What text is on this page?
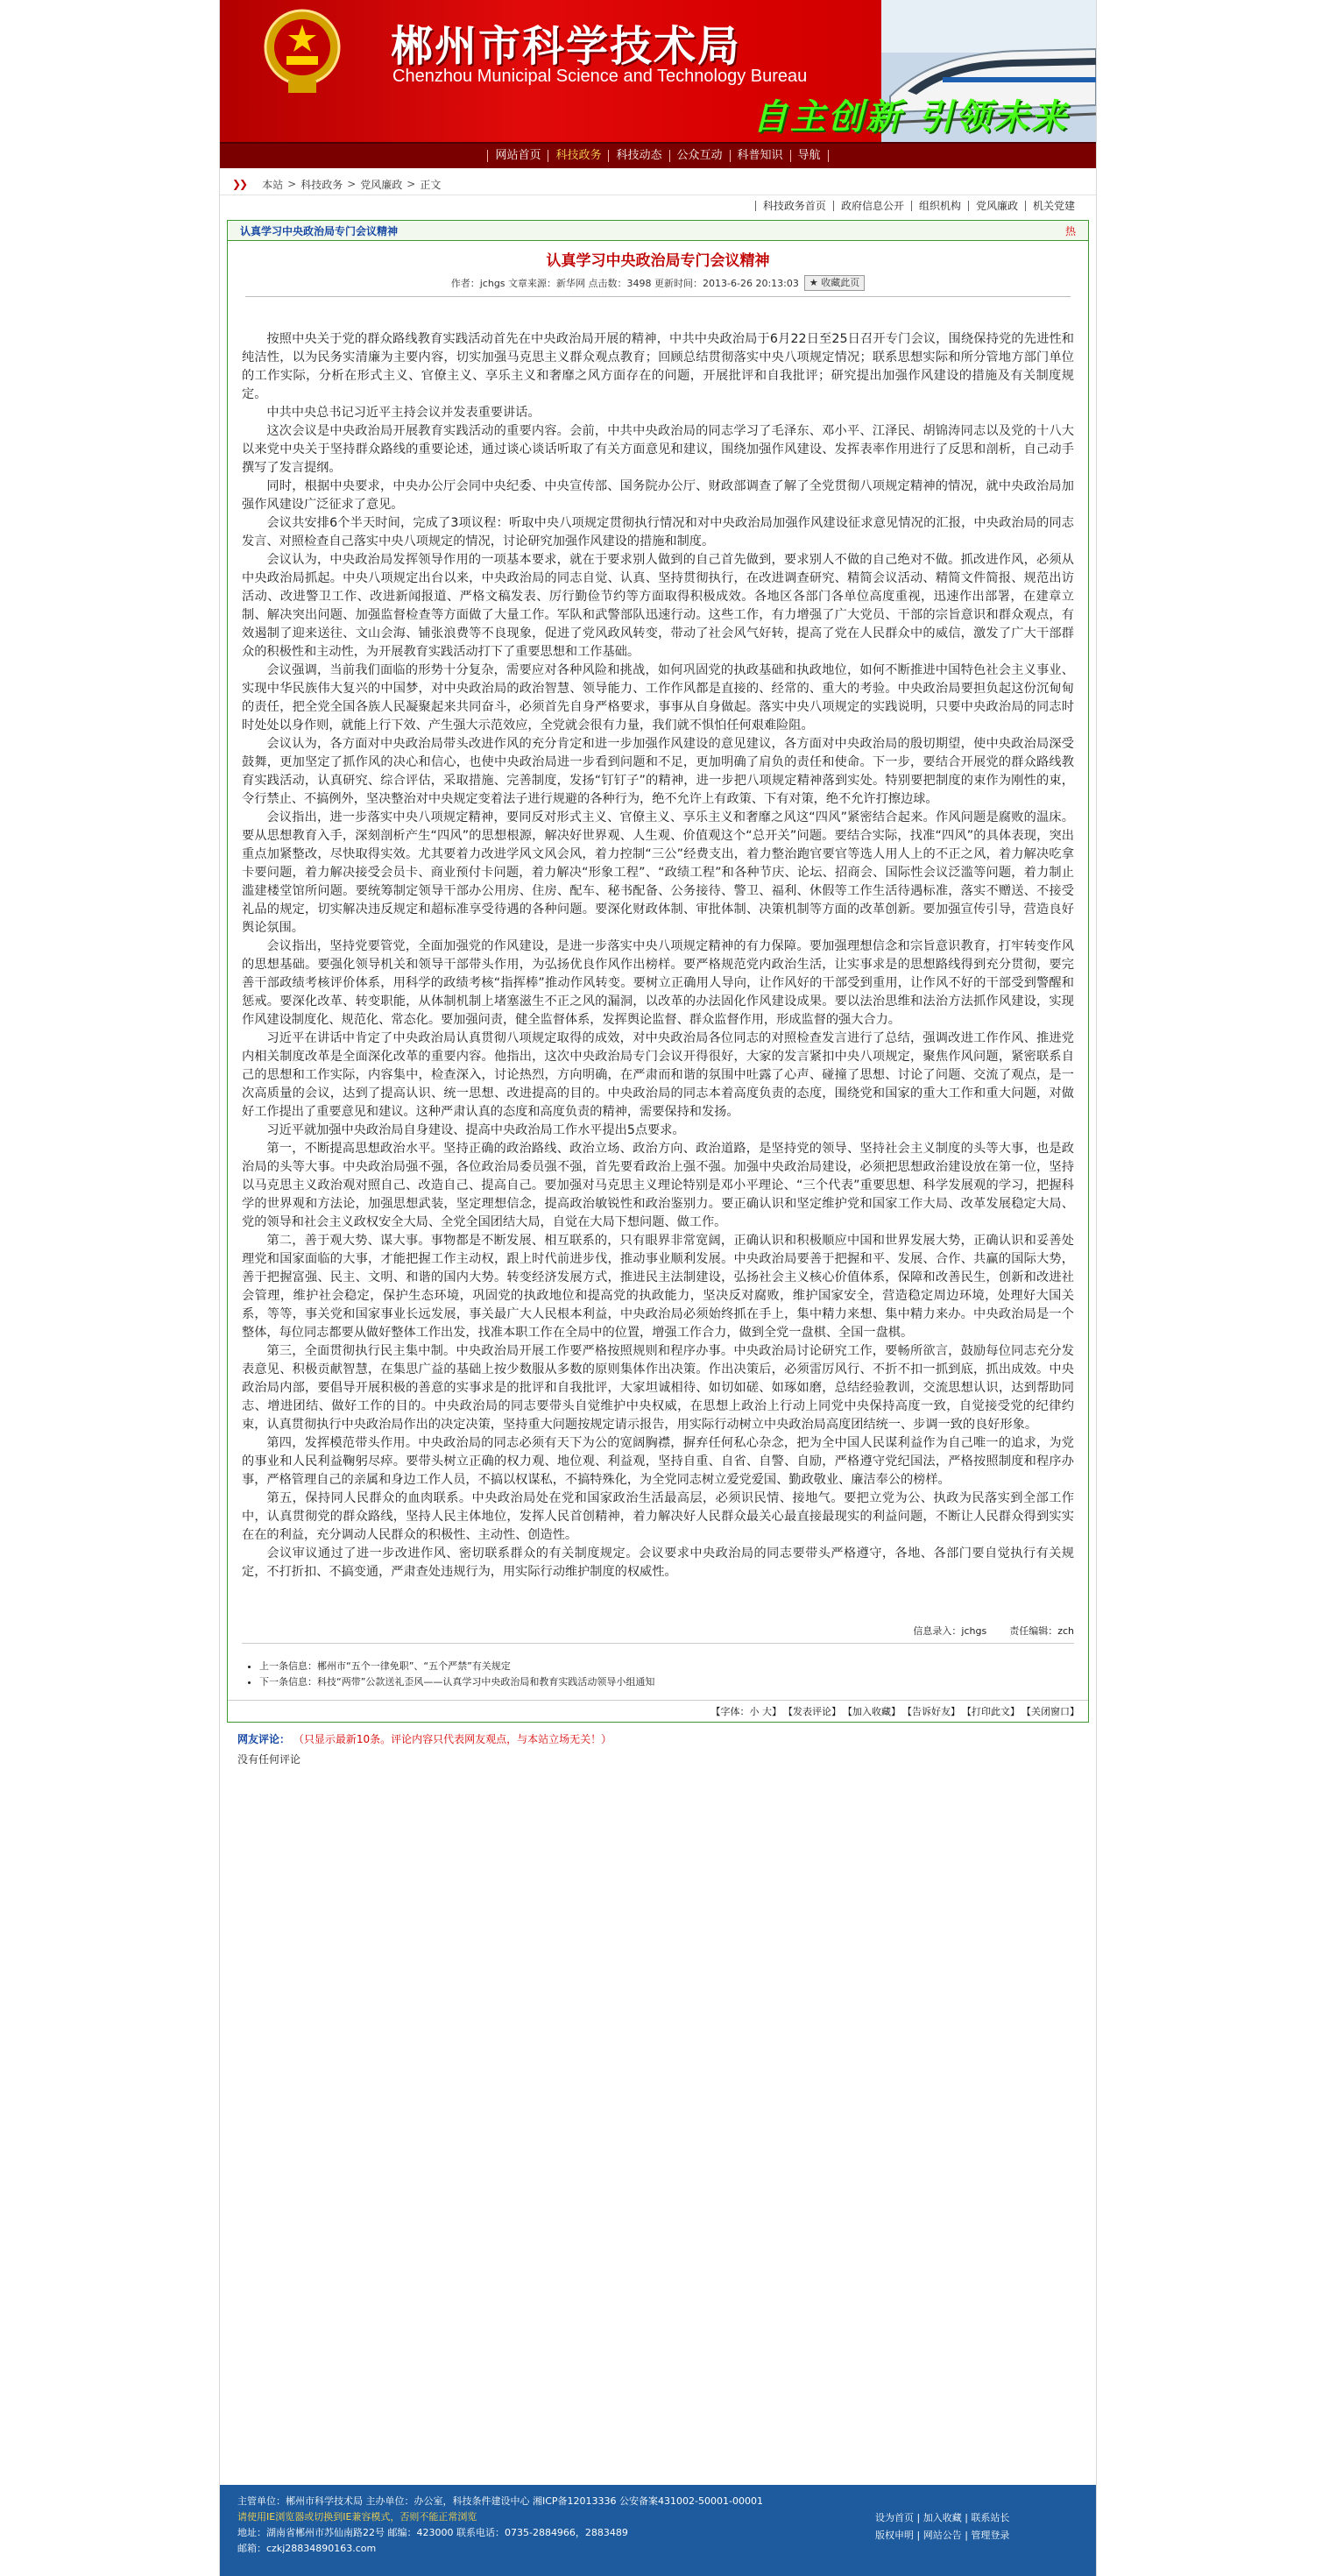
郴州市科学技术局
Chenzhou Municipal Science and Technology Bureau
自主创新 引领未来
网站首页	科技政务	科技动态	公众互动	科普知识	导航
❯❯ 本站 > 科技政务 > 党风廉政 > 正文
科技政务首页	政府信息公开	组织机构	党风廉政	机关党建
认真学习中央政治局专门会议精神	热
认真学习中央政治局专门会议精神
作者：jchgs 文章来源：新华网 点击数：3498 更新时间：2013-6-26 20:13:03	★ 收藏此页

按照中央关于党的群众路线教育实践活动首先在中央政治局开展的精神，中共中央政治局于6月22日至25日召开专门会议，围绕保持党的先进性和纯洁性，以为民务实清廉为主要内容，切实加强马克思主义群众观点教育；回顾总结贯彻落实中央八项规定情况；联系思想实际和所分管地方部门单位的工作实际，分析在形式主义、官僚主义、享乐主义和奢靡之风方面存在的问题，开展批评和自我批评；研究提出加强作风建设的措施及有关制度规定。

中共中央总书记习近平主持会议并发表重要讲话。

这次会议是中央政治局开展教育实践活动的重要内容。会前，中共中央政治局的同志学习了毛泽东、邓小平、江泽民、胡锦涛同志以及党的十八大以来党中央关于坚持群众路线的重要论述，通过谈心谈话听取了有关方面意见和建议，围绕加强作风建设、发挥表率作用进行了反思和剖析，自己动手撰写了发言提纲。

同时，根据中央要求，中央办公厅会同中央纪委、中央宣传部、国务院办公厅、财政部调查了解了全党贯彻八项规定精神的情况，就中央政治局加强作风建设广泛征求了意见。

会议共安排6个半天时间，完成了3项议程：听取中央八项规定贯彻执行情况和对中央政治局加强作风建设征求意见情况的汇报，中央政治局的同志发言、对照检查自己落实中央八项规定的情况，讨论研究加强作风建设的措施和制度。

会议认为，中央政治局发挥领导作用的一项基本要求，就在于要求别人做到的自己首先做到，要求别人不做的自己绝对不做。抓改进作风，必须从中央政治局抓起。中央八项规定出台以来，中央政治局的同志自觉、认真、坚持贯彻执行，在改进调查研究、精简会议活动、精简文件简报、规范出访活动、改进警卫工作、改进新闻报道、严格文稿发表、厉行勤俭节约等方面取得积极成效。各地区各部门各单位高度重视，迅速作出部署，在建章立制、解决突出问题、加强监督检查等方面做了大量工作。军队和武警部队迅速行动。这些工作，有力增强了广大党员、干部的宗旨意识和群众观点，有效遏制了迎来送往、文山会海、铺张浪费等不良现象，促进了党风政风转变，带动了社会风气好转，提高了党在人民群众中的威信，激发了广大干部群众的积极性和主动性，为开展教育实践活动打下了重要思想和工作基础。

会议强调，当前我们面临的形势十分复杂，需要应对各种风险和挑战，如何巩固党的执政基础和执政地位，如何不断推进中国特色社会主义事业、实现中华民族伟大复兴的中国梦，对中央政治局的政治智慧、领导能力、工作作风都是直接的、经常的、重大的考验。中央政治局要担负起这份沉甸甸的责任，把全党全国各族人民凝聚起来共同奋斗，必须首先自身严格要求，事事从自身做起。落实中央八项规定的实践说明，只要中央政治局的同志时时处处以身作则，就能上行下效、产生强大示范效应，全党就会很有力量，我们就不惧怕任何艰难险阻。

会议认为，各方面对中央政治局带头改进作风的充分肯定和进一步加强作风建设的意见建议，各方面对中央政治局的殷切期望，使中央政治局深受鼓舞，更加坚定了抓作风的决心和信心，也使中央政治局进一步看到问题和不足，更加明确了肩负的责任和使命。下一步，要结合开展党的群众路线教育实践活动，认真研究、综合评估，采取措施、完善制度，发扬“钉钉子”的精神，进一步把八项规定精神落到实处。特别要把制度的束作为刚性的束，令行禁止、不搞例外，坚决整治对中央规定变着法子进行规避的各种行为，绝不允许上有政策、下有对策，绝不允许打擦边球。

会议指出，进一步落实中央八项规定精神，要同反对形式主义、官僚主义、享乐主义和奢靡之风这“四风”紧密结合起来。作风问题是腐败的温床。要从思想教育入手，深刻剖析产生“四风”的思想根源，解决好世界观、人生观、价值观这个“总开关”问题。要结合实际，找准“四风”的具体表现，突出重点加紧整改，尽快取得实效。尤其要着力改进学风文风会风，着力控制“三公”经费支出，着力整治跑官要官等选人用人上的不正之风，着力解决吃拿卡要问题，着力解决接受会员卡、商业预付卡问题，着力解决“形象工程”、“政绩工程”和各种节庆、论坛、招商会、国际性会议泛滥等问题，着力制止滥建楼堂馆所问题。要统筹制定领导干部办公用房、住房、配车、秘书配备、公务接待、警卫、福利、休假等工作生活待遇标准，落实不赠送、不接受礼品的规定，切实解决违反规定和超标准享受待遇的各种问题。要深化财政体制、审批体制、决策机制等方面的改革创新。要加强宣传引导，营造良好舆论氛围。

会议指出，坚持党要管党，全面加强党的作风建设，是进一步落实中央八项规定精神的有力保障。要加强理想信念和宗旨意识教育，打牢转变作风的思想基础。要强化领导机关和领导干部带头作用，为弘扬优良作风作出榜样。要严格规范党内政治生活，让实事求是的思想路线得到充分贯彻，要完善干部政绩考核评价体系，用科学的政绩考核“指挥棒”推动作风转变。要树立正确用人导向，让作风好的干部受到重用，让作风不好的干部受到警醒和惩戒。要深化改革、转变职能，从体制机制上堵塞滋生不正之风的漏洞，以改革的办法固化作风建设成果。要以法治思维和法治方法抓作风建设，实现作风建设制度化、规范化、常态化。要加强问责，健全监督体系，发挥舆论监督、群众监督作用，形成监督的强大合力。

习近平在讲话中肯定了中央政治局认真贯彻八项规定取得的成效，对中央政治局各位同志的对照检查发言进行了总结，强调改进工作作风、推进党内相关制度改革是全面深化改革的重要内容。他指出，这次中央政治局专门会议开得很好，大家的发言紧扣中央八项规定，聚焦作风问题，紧密联系自己的思想和工作实际，内容集中，检查深入，讨论热烈，方向明确，在严肃而和谐的氛围中吐露了心声、碰撞了思想、讨论了问题、交流了观点，是一次高质量的会议，达到了提高认识、统一思想、改进提高的目的。中央政治局的同志本着高度负责的态度，围绕党和国家的重大工作和重大问题，对做好工作提出了重要意见和建议。这种严肃认真的态度和高度负责的精神，需要保持和发扬。

习近平就加强中央政治局自身建设、提高中央政治局工作水平提出5点要求。

第一，不断提高思想政治水平。坚持正确的政治路线、政治立场、政治方向、政治道路，是坚持党的领导、坚持社会主义制度的头等大事，也是政治局的头等大事。中央政治局强不强，各位政治局委员强不强，首先要看政治上强不强。加强中央政治局建设，必须把思想政治建设放在第一位，坚持以马克思主义政治观对照自己、改造自己、提高自己。要加强对马克思主义理论特别是邓小平理论、“三个代表”重要思想、科学发展观的学习，把握科学的世界观和方法论，加强思想武装，坚定理想信念，提高政治敏锐性和政治鉴别力。要正确认识和坚定维护党和国家工作大局、改革发展稳定大局、党的领导和社会主义政权安全大局、全党全国团结大局，自觉在大局下想问题、做工作。

第二，善于观大势、谋大事。事物都是不断发展、相互联系的，只有眼界非常宽阔，正确认识和积极顺应中国和世界发展大势，正确认识和妥善处理党和国家面临的大事，才能把握工作主动权，跟上时代前进步伐，推动事业顺利发展。中央政治局要善于把握和平、发展、合作、共赢的国际大势，善于把握富强、民主、文明、和谐的国内大势。转变经济发展方式，推进民主法制建设，弘扬社会主义核心价值体系，保障和改善民生，创新和改进社会管理，维护社会稳定，保护生态环境，巩固党的执政地位和提高党的执政能力，坚决反对腐败，维护国家安全，营造稳定周边环境，处理好大国关系，等等，事关党和国家事业长远发展，事关最广大人民根本利益，中央政治局必须始终抓在手上，集中精力来想、集中精力来办。中央政治局是一个整体，每位同志都要从做好整体工作出发，找准本职工作在全局中的位置，增强工作合力，做到全党一盘棋、全国一盘棋。

第三，全面贯彻执行民主集中制。中央政治局开展工作要严格按照规则和程序办事。中央政治局讨论研究工作，要畅所欲言，鼓励每位同志充分发表意见、积极贡献智慧，在集思广益的基础上按少数服从多数的原则集体作出决策。作出决策后，必须雷厉风行、不折不扣一抓到底，抓出成效。中央政治局内部，要倡导开展积极的善意的实事求是的批评和自我批评，大家坦诚相待、如切如磋、如琢如磨，总结经验教训，交流思想认识，达到帮助同志、增进团结、做好工作的目的。中央政治局的同志要带头自觉维护中央权威，在思想上政治上行动上同党中央保持高度一致，自觉接受党的纪律约束，认真贯彻执行中央政治局作出的决定决策，坚持重大问题按规定请示报告，用实际行动树立中央政治局高度团结统一、步调一致的良好形象。

第四，发挥模范带头作用。中央政治局的同志必须有天下为公的宽阔胸襟，摒弃任何私心杂念，把为全中国人民谋利益作为自己唯一的追求，为党的事业和人民利益鞠躬尽瘁。要带头树立正确的权力观、地位观、利益观，坚持自重、自省、自警、自励，严格遵守党纪国法，严格按照制度和程序办事，严格管理自己的亲属和身边工作人员，不搞以权谋私，不搞特殊化，为全党同志树立爱党爱国、勤政敬业、廉洁奉公的榜样。

第五，保持同人民群众的血肉联系。中央政治局处在党和国家政治生活最高层，必须识民情、接地气。要把立党为公、执政为民落实到全部工作中，认真贯彻党的群众路线，坚持人民主体地位，发挥人民首创精神，着力解决好人民群众最关心最直接最现实的利益问题，不断让人民群众得到实实在在的利益，充分调动人民群众的积极性、主动性、创造性。

会议审议通过了进一步改进作风、密切联系群众的有关制度规定。会议要求中央政治局的同志要带头严格遵守，各地、各部门要自觉执行有关规定，不打折扣、不搞变通，严肃查处违规行为，用实际行动维护制度的权威性。

信息录入：jchgs 责任编辑：zch
• 上一条信息：郴州市“五个一律免职”、“五个严禁”有关规定
• 下一条信息：科技“两带”公款送礼歪风——认真学习中央政治局和教育实践活动领导小组通知
【字体：小 大】 【发表评论】 【加入收藏】 【告诉好友】 【打印此文】 【关闭窗口】
网友评论： （只显示最新10条。评论内容只代表网友观点，与本站立场无关！）
没有任何评论
主管单位：郴州市科学技术局 主办单位：办公室，科技条件建设中心 湘ICP备12013336 公安备案431002-50001-00001
请使用IE浏览器或切换到IE兼容模式，否则不能正常浏览
地址：湖南省郴州市苏仙南路22号 邮编：423000 联系电话：0735-2884966，2883489
邮箱：czkj28834890163.com
设为首页 | 加入收藏 | 联系站长
版权申明 | 网站公告 | 管理登录
